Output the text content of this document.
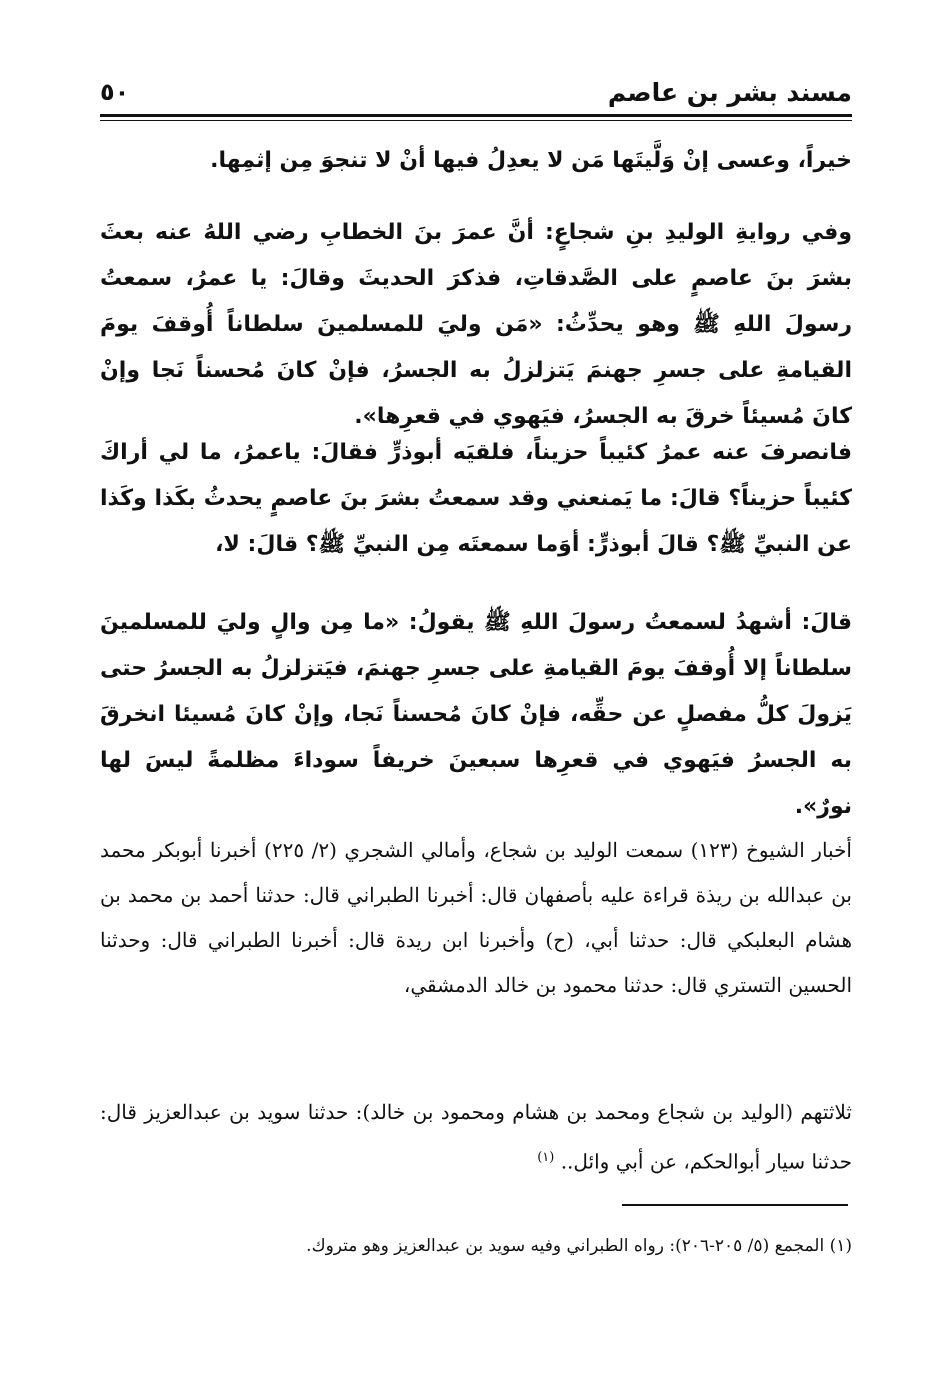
مسند بشر بن عاصم
٥٠
خيراً، وعسى إنْ وَلَّيتَها مَن لا يعدِلُ فيها أنْ لا تنجوَ مِن إثمِها.
وفي روايةِ الوليدِ بنِ شجاعٍ: أنَّ عمرَ بنَ الخطابِ رضي اللهُ عنه بعثَ بشرَ بنَ عاصمٍ على الصَّدقاتِ، فذكرَ الحديثَ وقالَ: يا عمرُ، سمعتُ رسولَ اللهِ ﷺ وهو يحدِّثُ: «مَن وليَ للمسلمينَ سلطاناً أُوقفَ يومَ القيامةِ على جسرِ جهنمَ يَتزلزلُ به الجسرُ، فإنْ كانَ مُحسناً نَجا وإنْ كانَ مُسيئاً خرقَ به الجسرُ، فيَهوي في قعرِها».
فانصرفَ عنه عمرُ كئيباً حزيناً، فلقيَه أبوذرٍّ فقالَ: ياعمرُ، ما لي أراكَ كئيباً حزيناً؟ قالَ: ما يَمنعني وقد سمعتُ بشرَ بنَ عاصمٍ يحدثُ بكَذا وكَذا عن النبيِّ ﷺ؟ قالَ أبوذرٍّ: أوَما سمعتَه مِن النبيِّ ﷺ؟ قالَ: لا،
قالَ: أشهدُ لسمعتُ رسولَ اللهِ ﷺ يقولُ: «ما مِن والٍ وليَ للمسلمينَ سلطاناً إلا أُوقفَ يومَ القيامةِ على جسرِ جهنمَ، فيَتزلزلُ به الجسرُ حتى يَزولَ كلُّ مفصلٍ عن حقِّه، فإنْ كانَ مُحسناً نَجا، وإنْ كانَ مُسيئا انخرقَ به الجسرُ فيَهوي في قعرِها سبعينَ خريفاً سوداءَ مظلمةً ليسَ لها نورٌ».
أخبار الشيوخ (١٢٣) سمعت الوليد بن شجاع، وأمالي الشجري (٢/ ٢٢٥) أخبرنا أبوبكر محمد بن عبدالله بن ريذة قراءة عليه بأصفهان قال: أخبرنا الطبراني قال: حدثنا أحمد بن محمد بن هشام البعلبكي قال: حدثنا أبي، (ح) وأخبرنا ابن ريدة قال: أخبرنا الطبراني قال: وحدثنا الحسين التستري قال: حدثنا محمود بن خالد الدمشقي،
ثلاثتهم (الوليد بن شجاع ومحمد بن هشام ومحمود بن خالد): حدثنا سويد بن عبدالعزيز قال: حدثنا سيار أبوالحكم، عن أبي وائل.. $^{(١)}$
(١) المجمع (٥/ ٢٠٥-٢٠٦): رواه الطبراني وفيه سويد بن عبدالعزيز وهو متروك.
